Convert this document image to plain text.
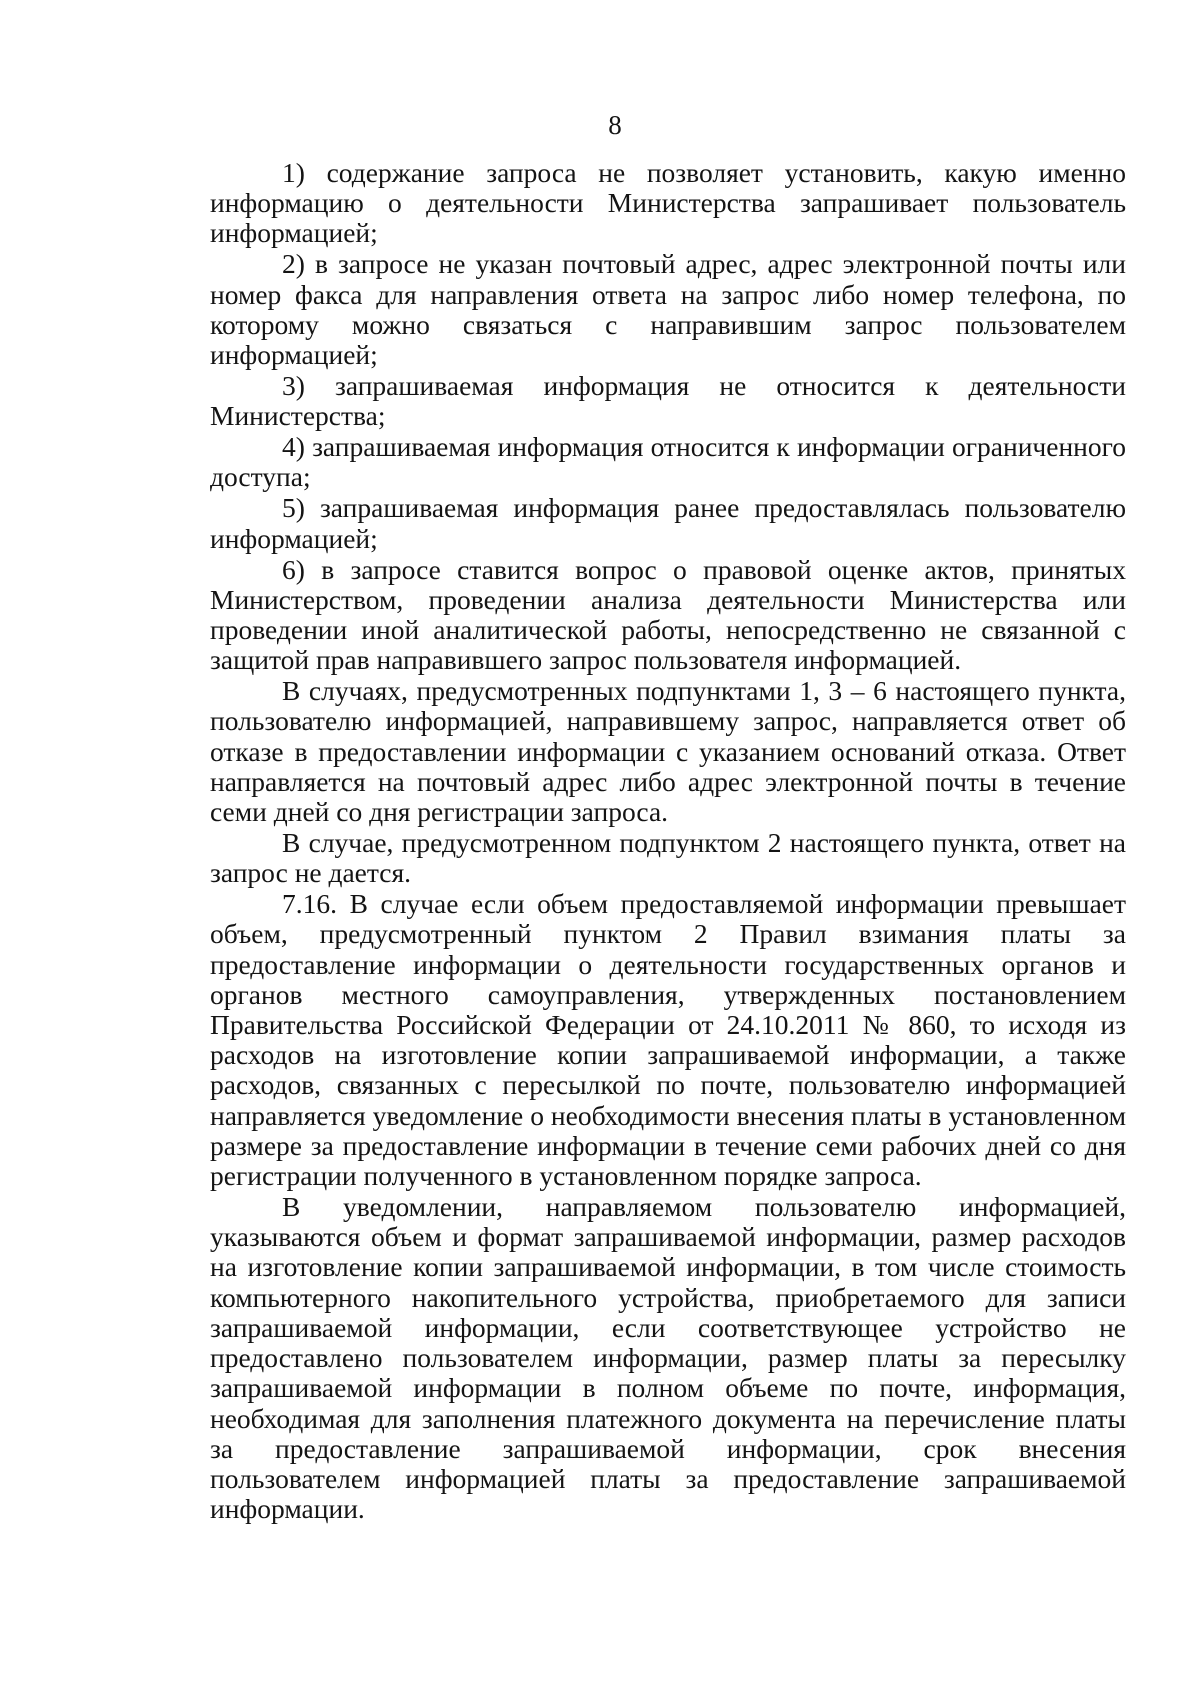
8

1) содержание запроса не позволяет установить, какую именно информацию о деятельности Министерства запрашивает пользователь информацией;

2) в запросе не указан почтовый адрес, адрес электронной почты или номер факса для направления ответа на запрос либо номер телефона, по которому можно связаться с направившим запрос пользователем информацией;

3) запрашиваемая информация не относится к деятельности Министерства;

4) запрашиваемая информация относится к информации ограниченного доступа;

5) запрашиваемая информация ранее предоставлялась пользователю информацией;

6) в запросе ставится вопрос о правовой оценке актов, принятых Министерством, проведении анализа деятельности Министерства или проведении иной аналитической работы, непосредственно не связанной с защитой прав направившего запрос пользователя информацией.

В случаях, предусмотренных подпунктами 1, 3 – 6 настоящего пункта, пользователю информацией, направившему запрос, направляется ответ об отказе в предоставлении информации с указанием оснований отказа. Ответ направляется на почтовый адрес либо адрес электронной почты в течение семи дней со дня регистрации запроса.

В случае, предусмотренном подпунктом 2 настоящего пункта, ответ на запрос не дается.

7.16. В случае если объем предоставляемой информации превышает объем, предусмотренный пунктом 2 Правил взимания платы за предоставление информации о деятельности государственных органов и органов местного самоуправления, утвержденных постановлением Правительства Российской Федерации от 24.10.2011 № 860, то исходя из расходов на изготовление копии запрашиваемой информации, а также расходов, связанных с пересылкой по почте, пользователю информацией направляется уведомление о необходимости внесения платы в установленном размере за предоставление информации в течение семи рабочих дней со дня регистрации полученного в установленном порядке запроса.

В уведомлении, направляемом пользователю информацией, указываются объем и формат запрашиваемой информации, размер расходов на изготовление копии запрашиваемой информации, в том числе стоимость компьютерного накопительного устройства, приобретаемого для записи запрашиваемой информации, если соответствующее устройство не предоставлено пользователем информации, размер платы за пересылку запрашиваемой информации в полном объеме по почте, информация, необходимая для заполнения платежного документа на перечисление платы за предоставление запрашиваемой информации, срок внесения пользователем информацией платы за предоставление запрашиваемой информации.
